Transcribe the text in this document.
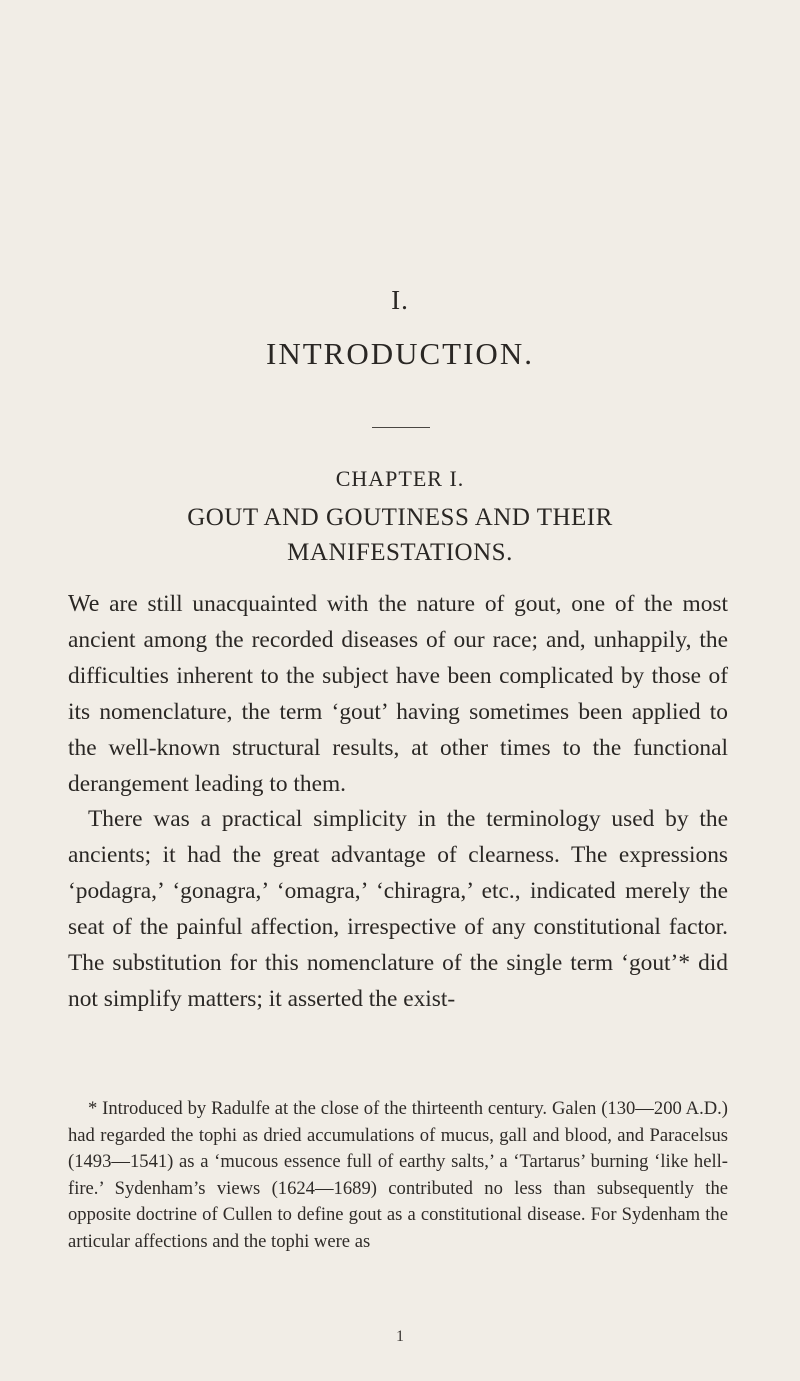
I.
INTRODUCTION.
CHAPTER I.
GOUT AND GOUTINESS AND THEIR MANIFESTATIONS.

We are still unacquainted with the nature of gout, one of the most ancient among the recorded diseases of our race; and, unhappily, the difficulties inherent to the subject have been complicated by those of its nomenclature, the term ‘gout’ having sometimes been applied to the well-known structural results, at other times to the functional derangement leading to them.

There was a practical simplicity in the terminology used by the ancients; it had the great advantage of clearness. The expressions ‘podagra,’ ‘gonagra,’ ‘omagra,’ ‘chiragra,’ etc., indicated merely the seat of the painful affection, irrespective of any constitutional factor. The substitution for this nomenclature of the single term ‘gout’* did not simplify matters; it asserted the exist-

* Introduced by Radulfe at the close of the thirteenth century. Galen (130—200 A.D.) had regarded the tophi as dried accumulations of mucus, gall and blood, and Paracelsus (1493—1541) as a ‘mucous essence full of earthy salts,’ a ‘Tartarus’ burning ‘like hell-fire.’ Sydenham’s views (1624—1689) contributed no less than subsequently the opposite doctrine of Cullen to define gout as a constitutional disease. For Sydenham the articular affections and the tophi were as
1
